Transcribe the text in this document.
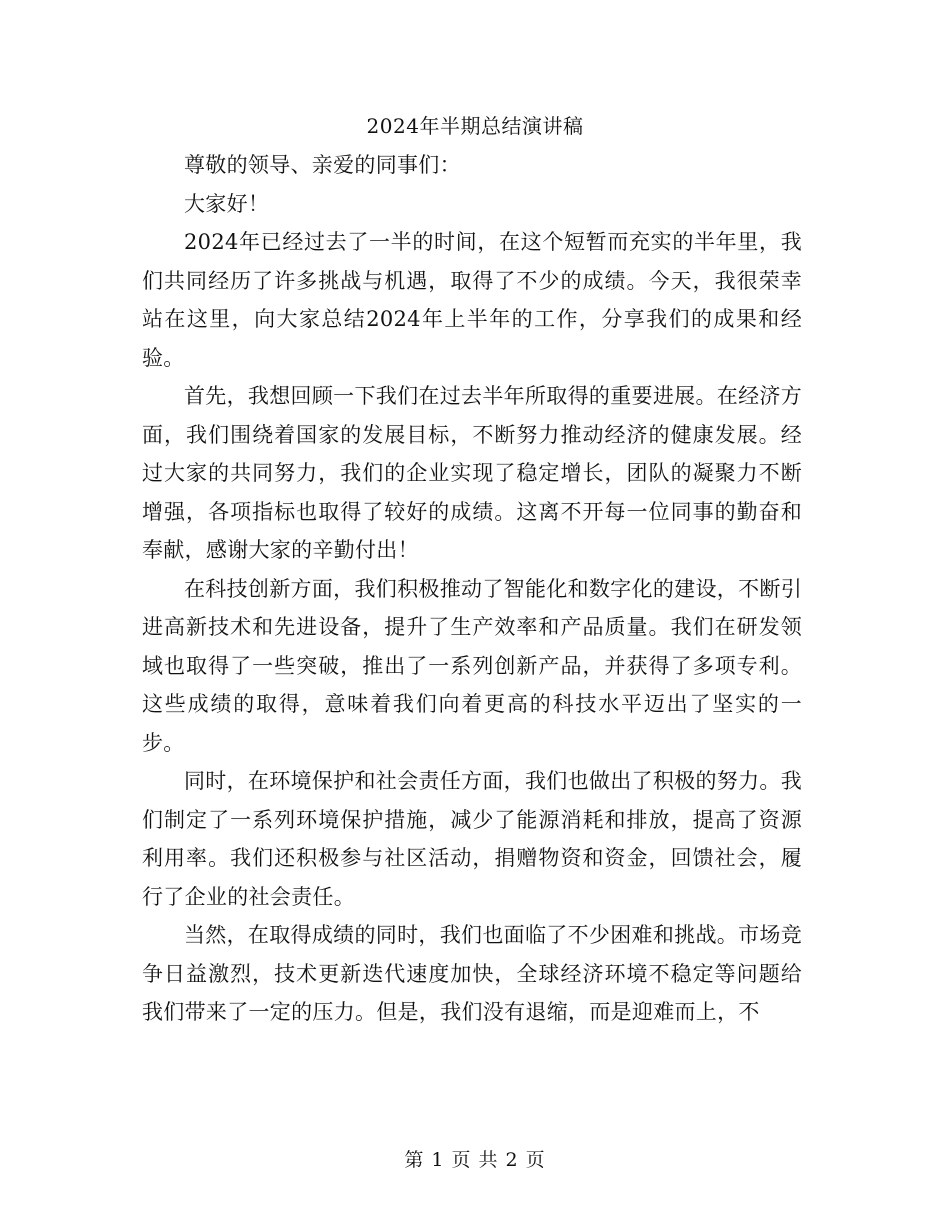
2024年半期总结演讲稿

尊敬的领导、亲爱的同事们：

大家好！

2024年已经过去了一半的时间，在这个短暂而充实的半年里，我们共同经历了许多挑战与机遇，取得了不少的成绩。今天，我很荣幸站在这里，向大家总结2024年上半年的工作，分享我们的成果和经验。

首先，我想回顾一下我们在过去半年所取得的重要进展。在经济方面，我们围绕着国家的发展目标，不断努力推动经济的健康发展。经过大家的共同努力，我们的企业实现了稳定增长，团队的凝聚力不断增强，各项指标也取得了较好的成绩。这离不开每一位同事的勤奋和奉献，感谢大家的辛勤付出！

在科技创新方面，我们积极推动了智能化和数字化的建设，不断引进高新技术和先进设备，提升了生产效率和产品质量。我们在研发领域也取得了一些突破，推出了一系列创新产品，并获得了多项专利。这些成绩的取得，意味着我们向着更高的科技水平迈出了坚实的一步。

同时，在环境保护和社会责任方面，我们也做出了积极的努力。我们制定了一系列环境保护措施，减少了能源消耗和排放，提高了资源利用率。我们还积极参与社区活动，捐赠物资和资金，回馈社会，履行了企业的社会责任。

当然，在取得成绩的同时，我们也面临了不少困难和挑战。市场竞争日益激烈，技术更新迭代速度加快，全球经济环境不稳定等问题给我们带来了一定的压力。但是，我们没有退缩，而是迎难而上，不

第 1 页 共 2 页
